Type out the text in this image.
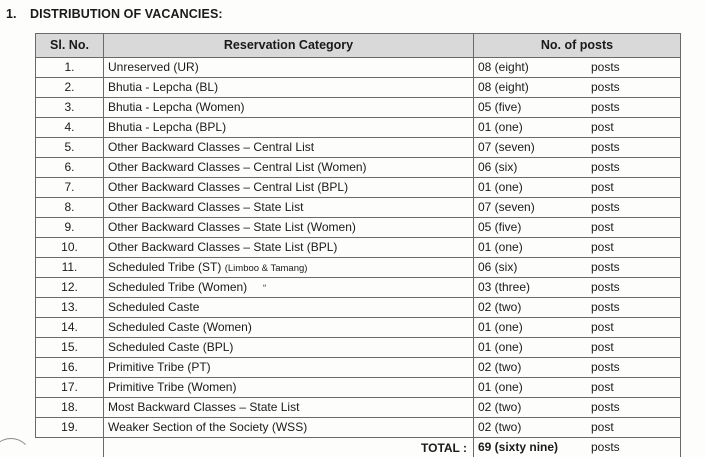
1. DISTRIBUTION OF VACANCIES:
Sl. No.	Reservation Category	No. of posts
1.	Unreserved (UR)	08 (eight) posts

2.	Bhutia - Lepcha (BL)	08 (eight) posts

3.	Bhutia - Lepcha (Women)	05 (five) posts

4.	Bhutia - Lepcha (BPL)	01 (one) post

5.	Other Backward Classes – Central List	07 (seven) posts

6.	Other Backward Classes – Central List (Women)	06 (six) posts

7.	Other Backward Classes – Central List (BPL)	01 (one) post

8.	Other Backward Classes – State List	07 (seven) posts

9.	Other Backward Classes – State List (Women)	05 (five) post

10.	Other Backward Classes – State List (BPL)	01 (one) post

11.	Scheduled Tribe (ST) (Limboo & Tamang)	06 (six) posts

12.	Scheduled Tribe (Women)      “	03 (three) posts

13.	Scheduled Caste	02 (two) posts

14.	Scheduled Caste (Women)	01 (one) post

15.	Scheduled Caste (BPL)	01 (one) post

16.	Primitive Tribe (PT)	02 (two) posts

17.	Primitive Tribe (Women)	01 (one) post

18.	Most Backward Classes – State List	02 (two) posts

19.	Weaker Section of the Society (WSS)	02 (two) post

	TOTAL :	69 (sixty nine) posts
